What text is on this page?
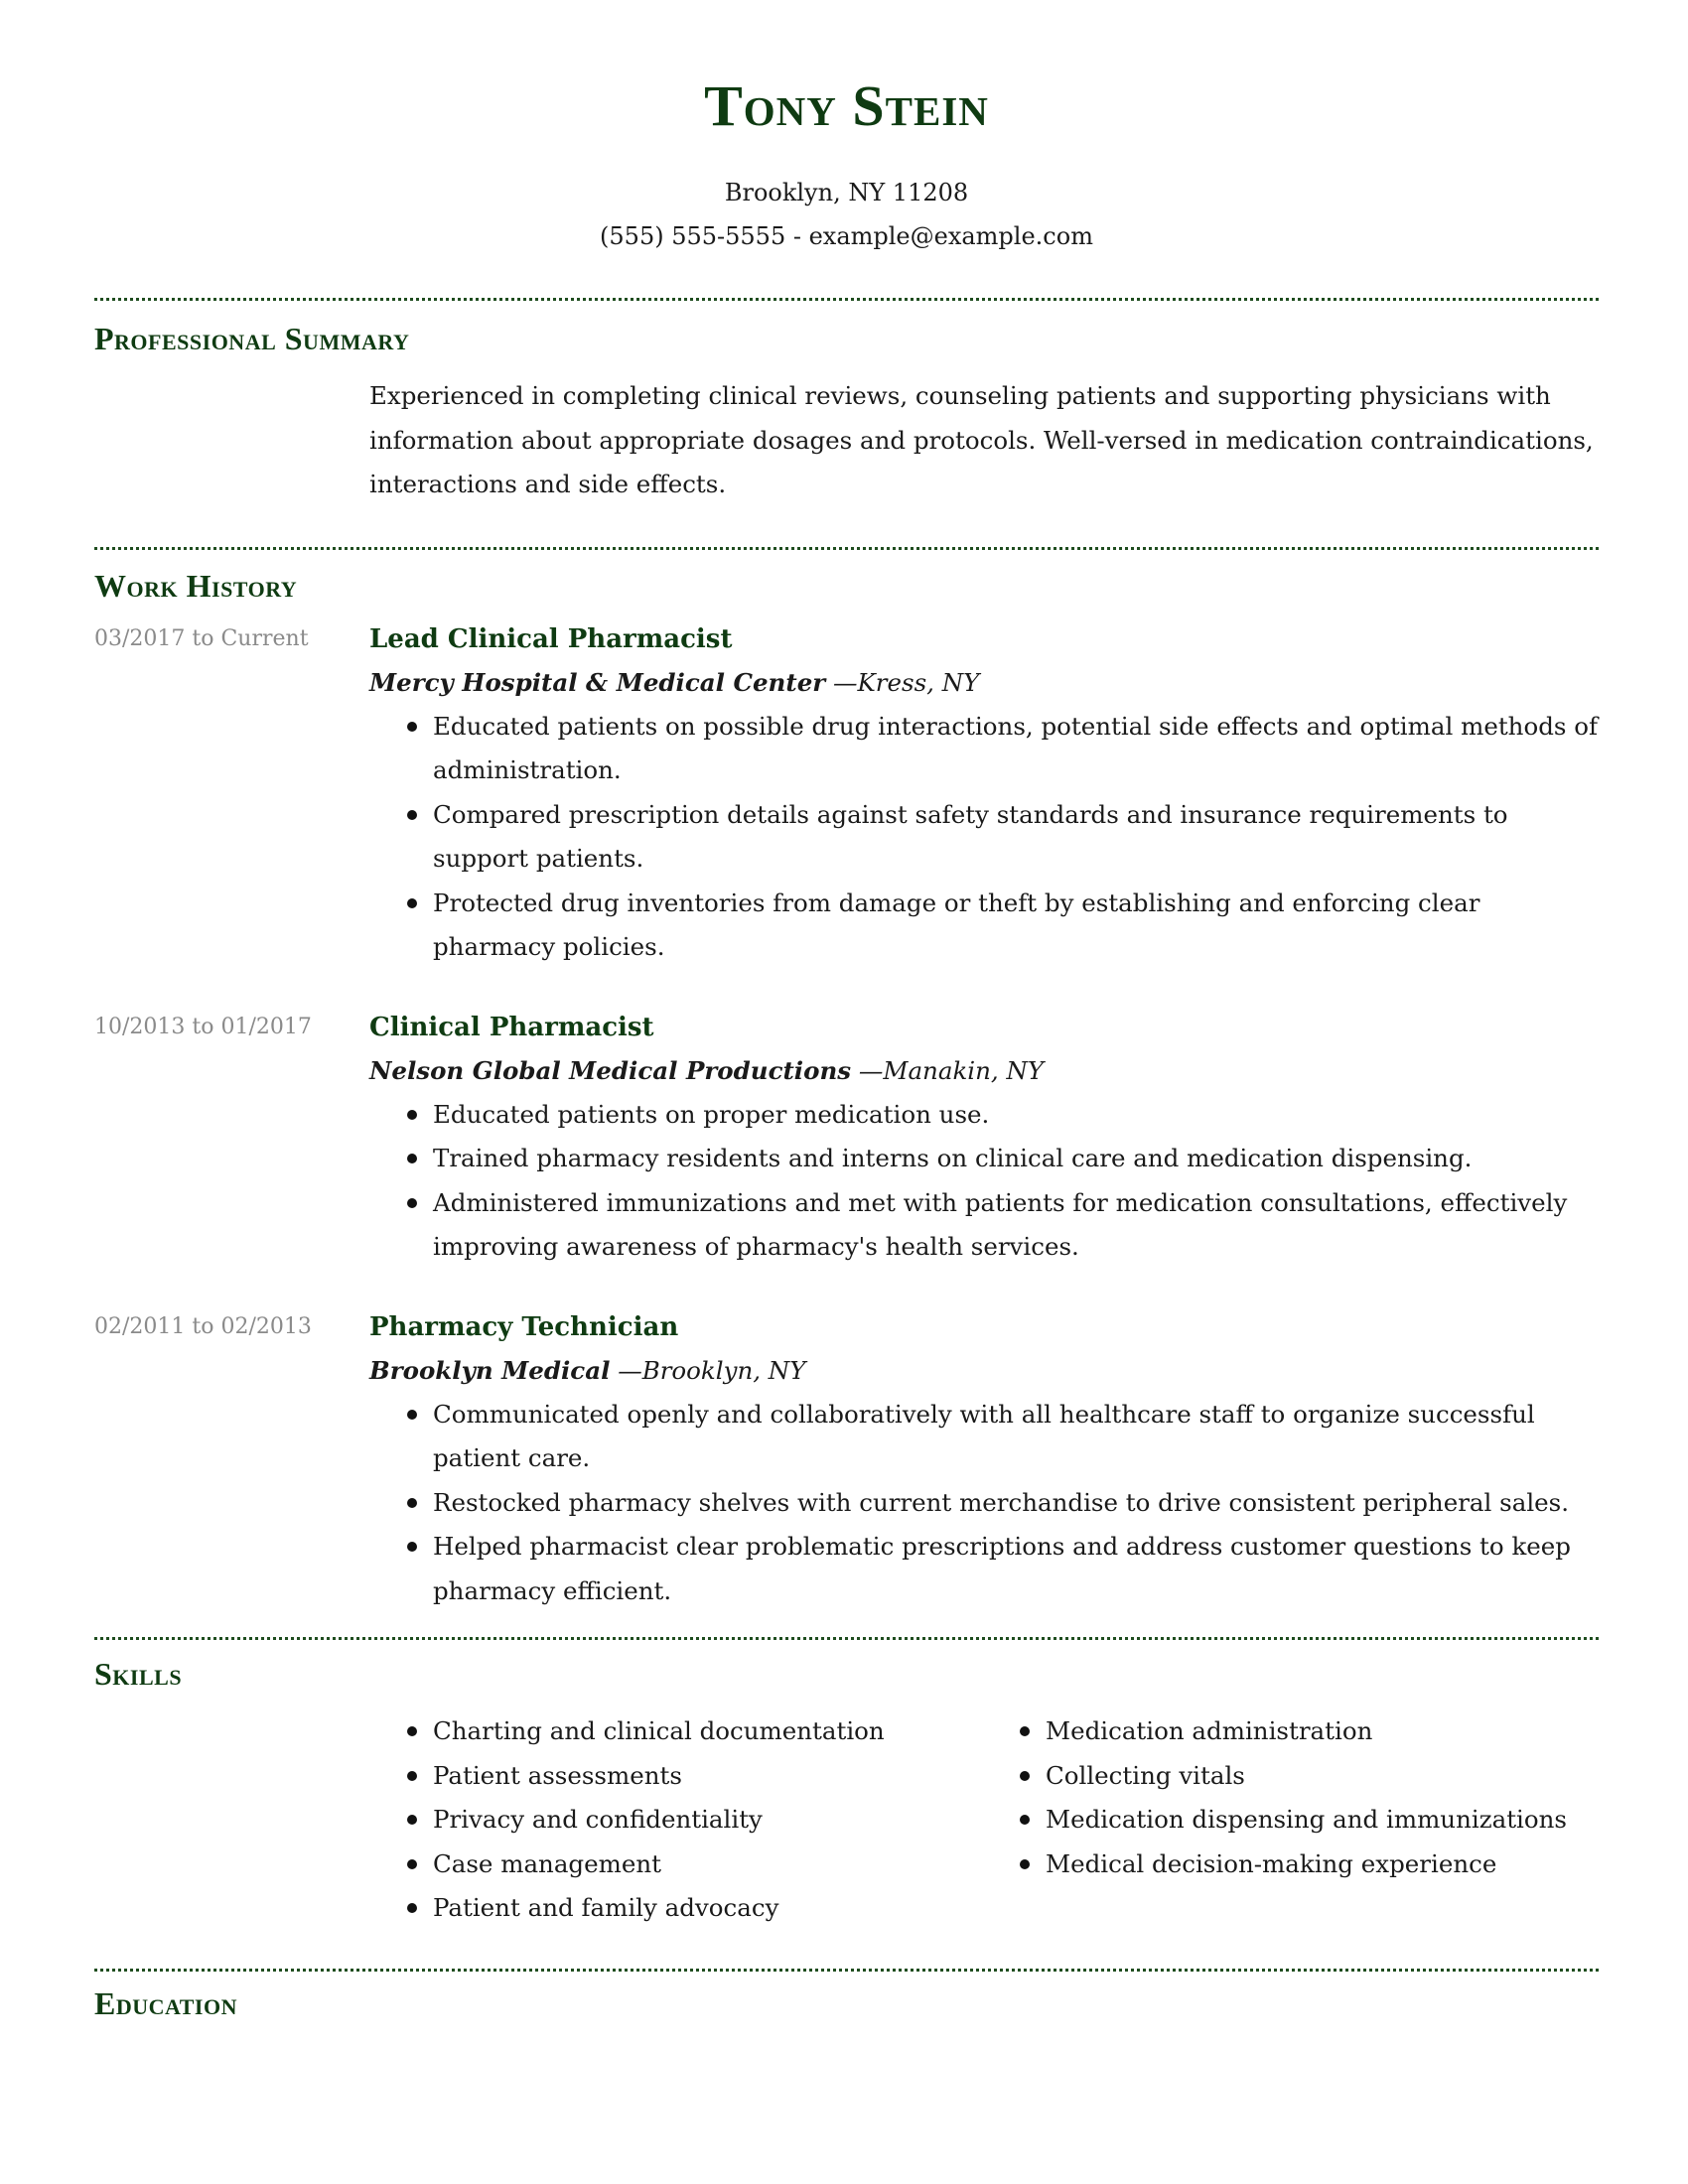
Tony Stein
Brooklyn, NY 11208
(555) 555-5555 - example@example.com
Professional Summary
Experienced in completing clinical reviews, counseling patients and supporting physicians with information about appropriate dosages and protocols. Well-versed in medication contraindications, interactions and side effects.
Work History
03/2017 to Current	Lead Clinical Pharmacist
Mercy Hospital & Medical Center —Kress, NY
Educated patients on possible drug interactions, potential side effects and optimal methods of administration.
Compared prescription details against safety standards and insurance requirements to support patients.
Protected drug inventories from damage or theft by establishing and enforcing clear pharmacy policies.
10/2013 to 01/2017	Clinical Pharmacist
Nelson Global Medical Productions —Manakin, NY
Educated patients on proper medication use.
Trained pharmacy residents and interns on clinical care and medication dispensing.
Administered immunizations and met with patients for medication consultations, effectively improving awareness of pharmacy's health services.
02/2011 to 02/2013	Pharmacy Technician
Brooklyn Medical —Brooklyn, NY
Communicated openly and collaboratively with all healthcare staff to organize successful patient care.
Restocked pharmacy shelves with current merchandise to drive consistent peripheral sales.
Helped pharmacist clear problematic prescriptions and address customer questions to keep pharmacy efficient.
Skills
Charting and clinical documentation
Patient assessments
Privacy and confidentiality
Case management
Patient and family advocacy
Medication administration
Collecting vitals
Medication dispensing and immunizations
Medical decision-making experience
Education
